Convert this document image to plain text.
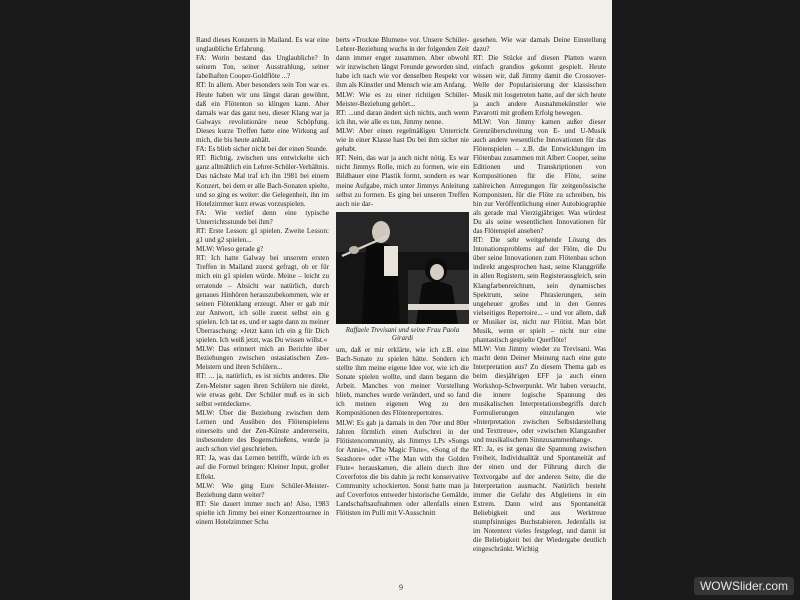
Rand dieses Konzerts in Mailand. Es war eine unglaubliche Erfahrung.

FA: Worin bestand das Unglaubliche? In seinem Ton, seiner Ausstrahlung, seiner fabelhaften Cooper-Goldflöte ...?

RT: In allem. Aber besonders sein Ton war es. Heute haben wir uns längst daran gewöhnt, daß ein Flötenton so klingen kann. Aber damals war das ganz neu, dieser Klang war ja Galways revolutionäre neue Schöpfung. Dieses kurze Treffen hatte eine Wirkung auf mich, die bis heute anhält.

FA: Es blieb sicher nicht bei der einen Stunde.

RT: Richtig, zwischen uns entwickelte sich ganz allmählich ein Lehrer-Schüler-Verhältnis. Das nächste Mal traf ich ihn 1981 bei einem Konzert, bei dem er alle Bach-Sonaten spielte, und so ging es weiter: die Gelegenheit, ihn im Hotelzimmer kurz etwas vorzuspielen.

FA: Wie verlief denn eine typische Unterrichtsstunde bei ihm?

RT: Erste Lesson: g1 spielen. Zweite Lesson: g1 und g2 spielen...

MLW: Wieso gerade g?

RT: Ich hatte Galway bei unserem ersten Treffen in Mailand zuerst gefragt, ob er für mich ein g1 spielen würde. Meine – leicht zu erratende – Absicht war natürlich, durch genaues Hinhören herauszubekommen, wie er seinen Flötenklang erzeugt. Aber er gab mir zur Antwort, ich solle zuerst selbst ein g spielen. Ich tat es, und er sagte dann zu meiner Überraschung: »Jetzt kann ich ein g für Dich spielen. Ich weiß jetzt, was Du wissen willst.«

MLW: Das erinnert mich an Berichte über Beziehungen zwischen ostasiatischen Zen-Meistern und ihren Schülern...

RT: ... ja, natürlich, es ist nichts anderes. Die Zen-Meister sagen ihren Schülern nie direkt, wie etwas geht. Der Schüler muß es in sich selbst »entdecken«.

MLW: Über die Beziehung zwischen dem Lernen und Ausüben des Flötenspielens einerseits und der Zen-Künste andererseits, insbesondere des Bogenschießens, wurde ja auch schon viel geschrieben.

RT: Ja, was das Lernen betrifft, würde ich es auf die Formel bringen: Kleiner Input, großer Effekt.

MLW: Wie ging Eure Schüler-Meister-Beziehung dann weiter?

RT: Sie dauert immer noch an! Also, 1983 spielte ich Jimmy bei einer Konzerttournee in einem Hotelzimmer Schu

berts »Trockne Blumen« vor. Unsere Schüler-Lehrer-Beziehung wuchs in der folgenden Zeit dann immer enger zusammen. Aber obwohl wir inzwischen längst Freunde geworden sind, habe ich nach wie vor denselben Respekt vor ihm als Künstler und Mensch wie am Anfang.

MLW: Wie es zu einer richtigen Schüler-Meister-Beziehung gehört...

RT: ...und daran ändert sich nichts, auch wenn ich ihn, wie alle es tun, Jimmy nenne.

MLW: Aber einen regelmäßigen Unterricht wie in einer Klasse hast Du bei ihm sicher nie gehabt.

RT: Nein, das war ja auch nicht nötig. Es war nicht Jimmys Rolle, mich zu formen, wie ein Bildhauer eine Plastik formt, sondern es war meine Aufgabe, mich unter Jimmys Anleitung selbst zu formen. Es ging bei unseren Treffen auch nie dar-

Raffaele Trevisani und seine Frau Paola Girardi

um, daß er mir erklärte, wie ich z.B. eine Bach-Sonate zu spielen hätte. Sondern ich stellte ihm meine eigene Idee vor, wie ich die Sonate spielen wollte, und dann begann die Arbeit. Manches von meiner Vorstellung blieb, manches wurde verändert, und so fand ich meinen eigenen Weg zu den Kompositionen des Flötenrepertoires.

MLW: Es gab ja damals in den 70er und 80er Jahren förmlich einen Aufschrei in der Flötistencommunity, als Jimmys LPs »Songs for Annie«, »The Magic Flute«, »Song of the Seashore« oder »The Man with the Golden Flute« herauskamen, die allein durch ihre Coverfotos die bis dahin ja recht konservative Community schockierten. Sonst hatte man ja auf Coverfotos entweder historische Gemälde, Landschaftsaufnahmen oder allenfalls einen Flötisten im Pulli mit V-Ausschnitt

gesehen. Wie war damals Deine Einstellung dazu?

RT: Die Stücke auf diesen Platten waren einfach grandios gekonnt gespielt. Heute wissen wir, daß Jimmy damit die Crossover-Welle der Popularisierung der klassischen Musik mit losgetreten hatte, auf der sich heute ja auch andere Ausnahmekünstler wie Pavarotti mit großem Erfolg bewegen.

MLW: Von Jimmy kamen außer dieser Grenzüberschreitung von E- und U-Musik auch andere wesentliche Innovationen für das Flötenspielen – z.B. die Entwicklungen im Flötenbau zusammen mit Albert Cooper, seine Editionen und Transkriptionen von Kompositionen für die Flöte, seine zahlreichen Anregungen für zeitgenössische Komponisten, für die Flöte zu schreiben, bis hin zur Veröffentlichung einer Autobiographie als gerade mal Vierzigjähriger. Was würdest Du als seine wesentlichen Innovationen für das Flötenspiel ansehen?

RT: Die sehr weitgehende Lösung des Intonationsproblems auf der Flöte, die Du über seine Innovationen zum Flötenbau schon indirekt angesprochen hast, seine Klanggröße in allen Registern, sein Registerausgleich, sein Klangfarbenreichtum, sein dynamisches Spektrum, seine Phrasierungen, sein ungeheuer großes und in den Genres vielseitiges Repertoire... – und vor allem, daß er Musiker ist, nicht nur Flötist. Man hört Musik, wenn er spielt – nicht nur eine phantastisch gespielte Querflöte!

MLW: Von Jimmy wieder zu Trevisani. Was macht denn Deiner Meinung nach eine gute Interpretation aus? Zu diesem Thema gab es beim diesjährigen EFF ja auch einen Workshop-Schwerpunkt. Wir haben versucht, die innere logische Spannung des musikalischen Interpretationsbegriffs durch Formulierungen einzufangen wie »Interpretation zwischen Selbstdarstellung und Texttreue«, oder »zwischen Klangzauber und musikalischem Sinnzusammenhang«.

RT: Ja, es ist genau die Spannung zwischen Freiheit, Individualität und Spontaneität auf der einen und der Führung durch die Textvorgabe auf der anderen Seite, die die Interpretation ausmacht. Natürlich besteht immer die Gefahr des Abgleitens in ein Extrem. Dann wird aus Spontaneität Beliebigkeit und aus Werktreue stumpfsinniges Buchstabieren. Jedenfalls ist im Notentext vieles festgelegt, und damit ist die Beliebigkeit bei der Wiedergabe deutlich eingeschränkt. Wichtig

9	WOWSlider.com
